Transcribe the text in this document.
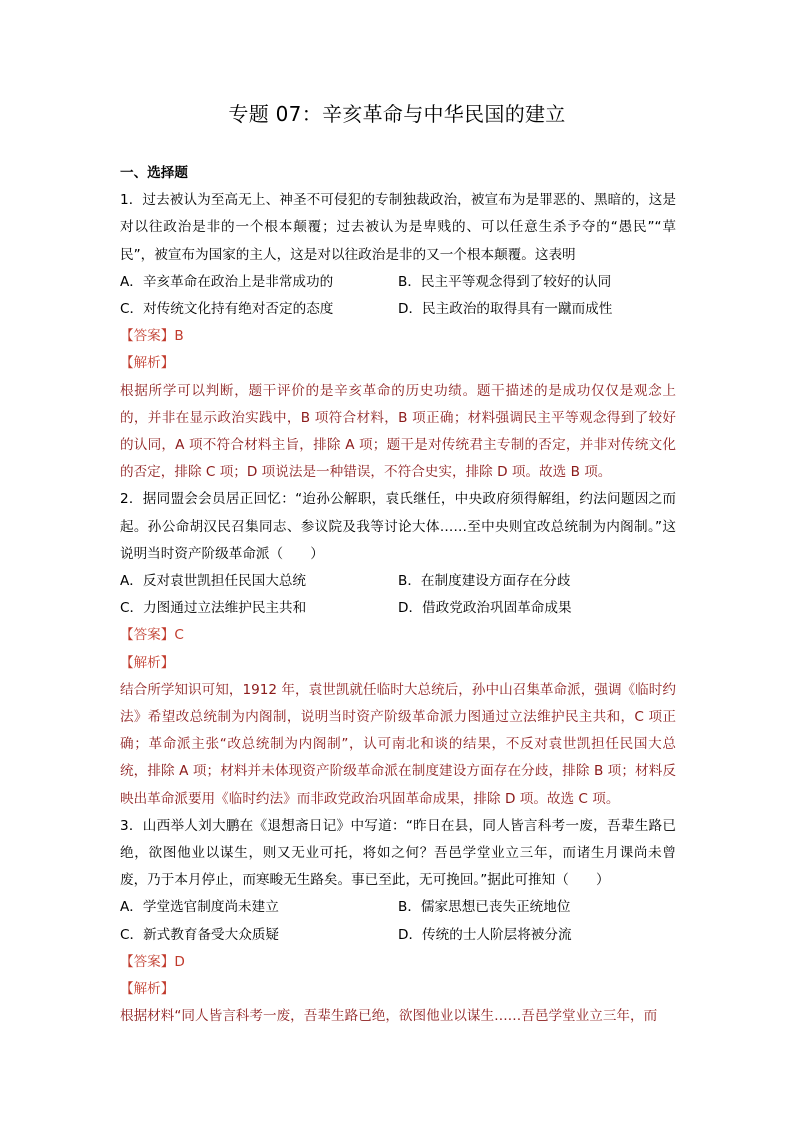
专题 07：辛亥革命与中华民国的建立
一、选择题
1．过去被认为至高无上、神圣不可侵犯的专制独裁政治，被宣布为是罪恶的、黑暗的，这是对以往政治是非的一个根本颠覆；过去被认为是卑贱的、可以任意生杀予夺的“愚民”“草民”，被宣布为国家的主人，这是对以往政治是非的又一个根本颠覆。这表明
A．辛亥革命在政治上是非常成功的	B．民主平等观念得到了较好的认同
C．对传统文化持有绝对否定的态度	D．民主政治的取得具有一蹴而成性
【答案】B
【解析】
根据所学可以判断，题干评价的是辛亥革命的历史功绩。题干描述的是成功仅仅是观念上的，并非在显示政治实践中，B 项符合材料，B 项正确；材料强调民主平等观念得到了较好的认同，A 项不符合材料主旨，排除 A 项；题干是对传统君主专制的否定，并非对传统文化的否定，排除 C 项；D 项说法是一种错误，不符合史实，排除 D 项。故选 B 项。
2．据同盟会会员居正回忆：“迨孙公解职，袁氏继任，中央政府须得解组，约法问题因之而起。孙公命胡汉民召集同志、参议院及我等讨论大体……至中央则宜改总统制为内阁制。”这说明当时资产阶级革命派（　　）
A．反对袁世凯担任民国大总统	B．在制度建设方面存在分歧
C．力图通过立法维护民主共和	D．借政党政治巩固革命成果
【答案】C
【解析】
结合所学知识可知，1912 年，袁世凯就任临时大总统后，孙中山召集革命派，强调《临时约法》希望改总统制为内阁制，说明当时资产阶级革命派力图通过立法维护民主共和，C 项正确；革命派主张“改总统制为内阁制”，认可南北和谈的结果，不反对袁世凯担任民国大总统，排除 A 项；材料并未体现资产阶级革命派在制度建设方面存在分歧，排除 B 项；材料反映出革命派要用《临时约法》而非政党政治巩固革命成果，排除 D 项。故选 C 项。
3．山西举人刘大鹏在《退想斋日记》中写道：“昨日在县，同人皆言科考一废，吾辈生路已绝，欲图他业以谋生，则又无业可托，将如之何？吾邑学堂业立三年，而诸生月课尚未曾废，乃于本月停止，而寒畯无生路矣。事已至此，无可挽回。”据此可推知（　　）
A．学堂选官制度尚未建立	B．儒家思想已丧失正统地位
C．新式教育备受大众质疑	D．传统的士人阶层将被分流
【答案】D
【解析】
根据材料“同人皆言科考一废，吾辈生路已绝，欲图他业以谋生……吾邑学堂业立三年，而
